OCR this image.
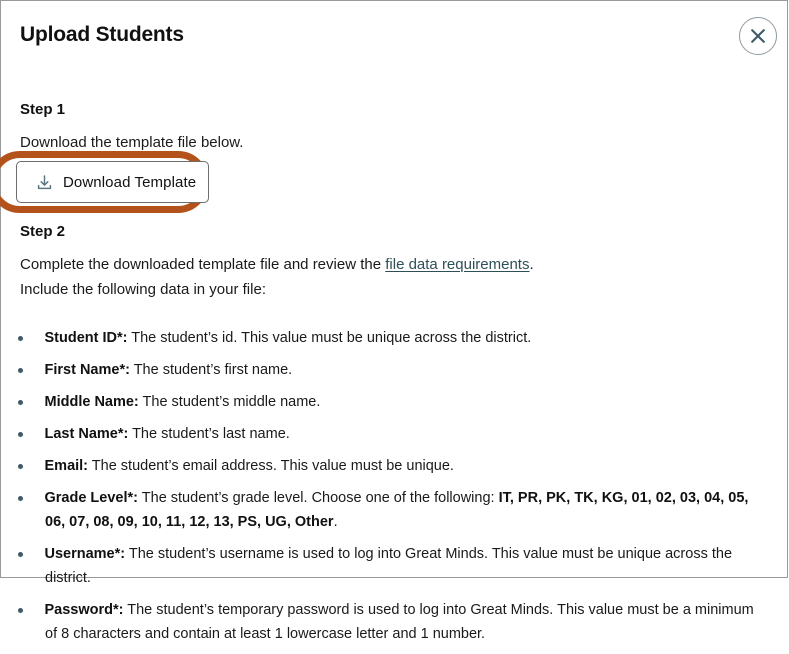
Upload Students
Step 1
Download the template file below.
Download Template
Step 2
Complete the downloaded template file and review the file data requirements.
Include the following data in your file:
Student ID*: The student’s id. This value must be unique across the district.
First Name*: The student’s first name.
Middle Name: The student’s middle name.
Last Name*: The student’s last name.
Email: The student’s email address. This value must be unique.
Grade Level*: The student’s grade level. Choose one of the following: IT, PR, PK, TK, KG, 01, 02, 03, 04, 05, 06, 07, 08, 09, 10, 11, 12, 13, PS, UG, Other.
Username*: The student’s username is used to log into Great Minds. This value must be unique across the district.
Password*: The student’s temporary password is used to log into Great Minds. This value must be a minimum of 8 characters and contain at least 1 lowercase letter and 1 number.
